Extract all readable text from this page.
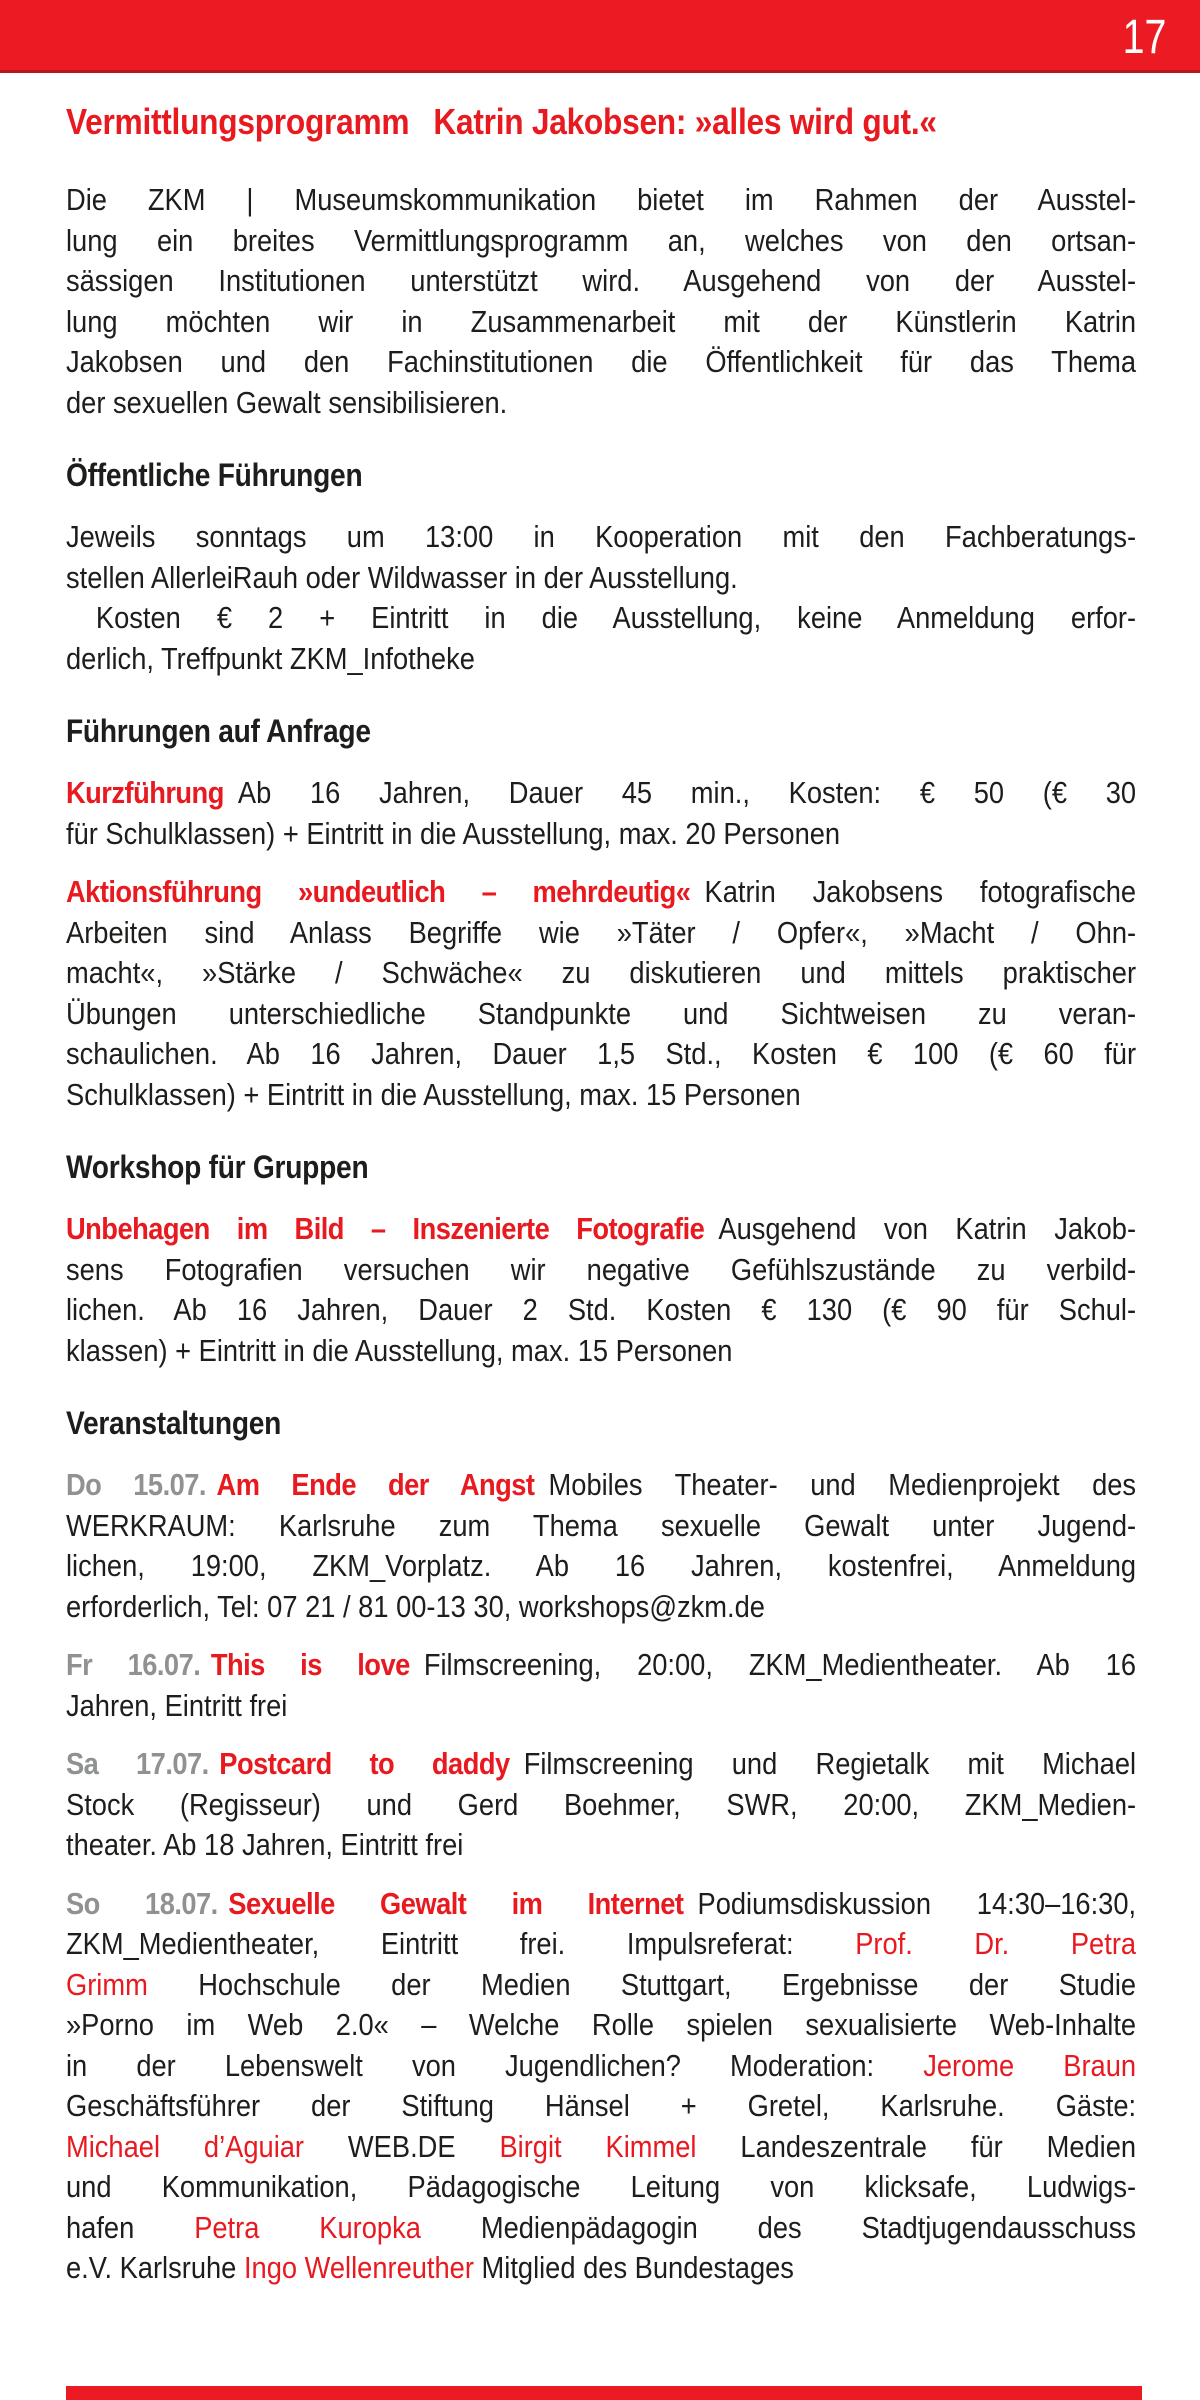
17
Vermittlungsprogramm  Katrin Jakobsen: »alles wird gut.«
Die ZKM | Museumskommunikation bietet im Rahmen der Ausstel-
lung ein breites Vermittlungsprogramm an, welches von den ortsan-
sässigen Institutionen unterstützt wird. Ausgehend von der Ausstel-
lung möchten wir in Zusammenarbeit mit der Künstlerin Katrin
Jakobsen und den Fachinstitutionen die Öffentlichkeit für das Thema
der sexuellen Gewalt sensibilisieren.
Öffentliche Führungen
Jeweils sonntags um 13:00 in Kooperation mit den Fachberatungs-
stellen AllerleiRauh oder Wildwasser in der Ausstellung.
Kosten € 2 + Eintritt in die Ausstellung, keine Anmeldung erfor-
derlich, Treffpunkt ZKM_Infotheke
Führungen auf Anfrage
Kurzführung Ab 16 Jahren, Dauer 45 min., Kosten: € 50 (€ 30
für Schulklassen) + Eintritt in die Ausstellung, max. 20 Personen
Aktionsführung »undeutlich – mehrdeutig« Katrin Jakobsens fotografische
Arbeiten sind Anlass Begriffe wie »Täter / Opfer«, »Macht / Ohn-
macht«, »Stärke / Schwäche« zu diskutieren und mittels praktischer
Übungen unterschiedliche Standpunkte und Sichtweisen zu veran-
schaulichen. Ab 16 Jahren, Dauer 1,5 Std., Kosten € 100 (€ 60 für
Schulklassen) + Eintritt in die Ausstellung, max. 15 Personen
Workshop für Gruppen
Unbehagen im Bild – Inszenierte Fotografie Ausgehend von Katrin Jakob-
sens Fotografien versuchen wir negative Gefühlszustände zu verbild-
lichen. Ab 16 Jahren, Dauer 2 Std. Kosten € 130 (€ 90 für Schul-
klassen) + Eintritt in die Ausstellung, max. 15 Personen
Veranstaltungen
Do 15.07. Am Ende der Angst Mobiles Theater- und Medienprojekt des
WERKRAUM: Karlsruhe zum Thema sexuelle Gewalt unter Jugend-
lichen, 19:00, ZKM_Vorplatz. Ab 16 Jahren, kostenfrei, Anmeldung
erforderlich, Tel: 07 21 / 81 00-13 30, workshops@zkm.de
Fr 16.07. This is love Filmscreening, 20:00, ZKM_Medientheater. Ab 16
Jahren, Eintritt frei
Sa 17.07. Postcard to daddy Filmscreening und Regietalk mit Michael
Stock (Regisseur) und Gerd Boehmer, SWR, 20:00, ZKM_Medien-
theater. Ab 18 Jahren, Eintritt frei
So 18.07. Sexuelle Gewalt im Internet Podiumsdiskussion 14:30–16:30,
ZKM_Medientheater, Eintritt frei. Impulsreferat: Prof. Dr. Petra
Grimm Hochschule der Medien Stuttgart, Ergebnisse der Studie
»Porno im Web 2.0« – Welche Rolle spielen sexualisierte Web-Inhalte
in der Lebenswelt von Jugendlichen? Moderation: Jerome Braun
Geschäftsführer der Stiftung Hänsel + Gretel, Karlsruhe. Gäste:
Michael d’Aguiar WEB.DE Birgit Kimmel Landeszentrale für Medien
und Kommunikation, Pädagogische Leitung von klicksafe, Ludwigs-
hafen Petra Kuropka Medienpädagogin des Stadtjugendausschuss
e.V. Karlsruhe Ingo Wellenreuther Mitglied des Bundestages
